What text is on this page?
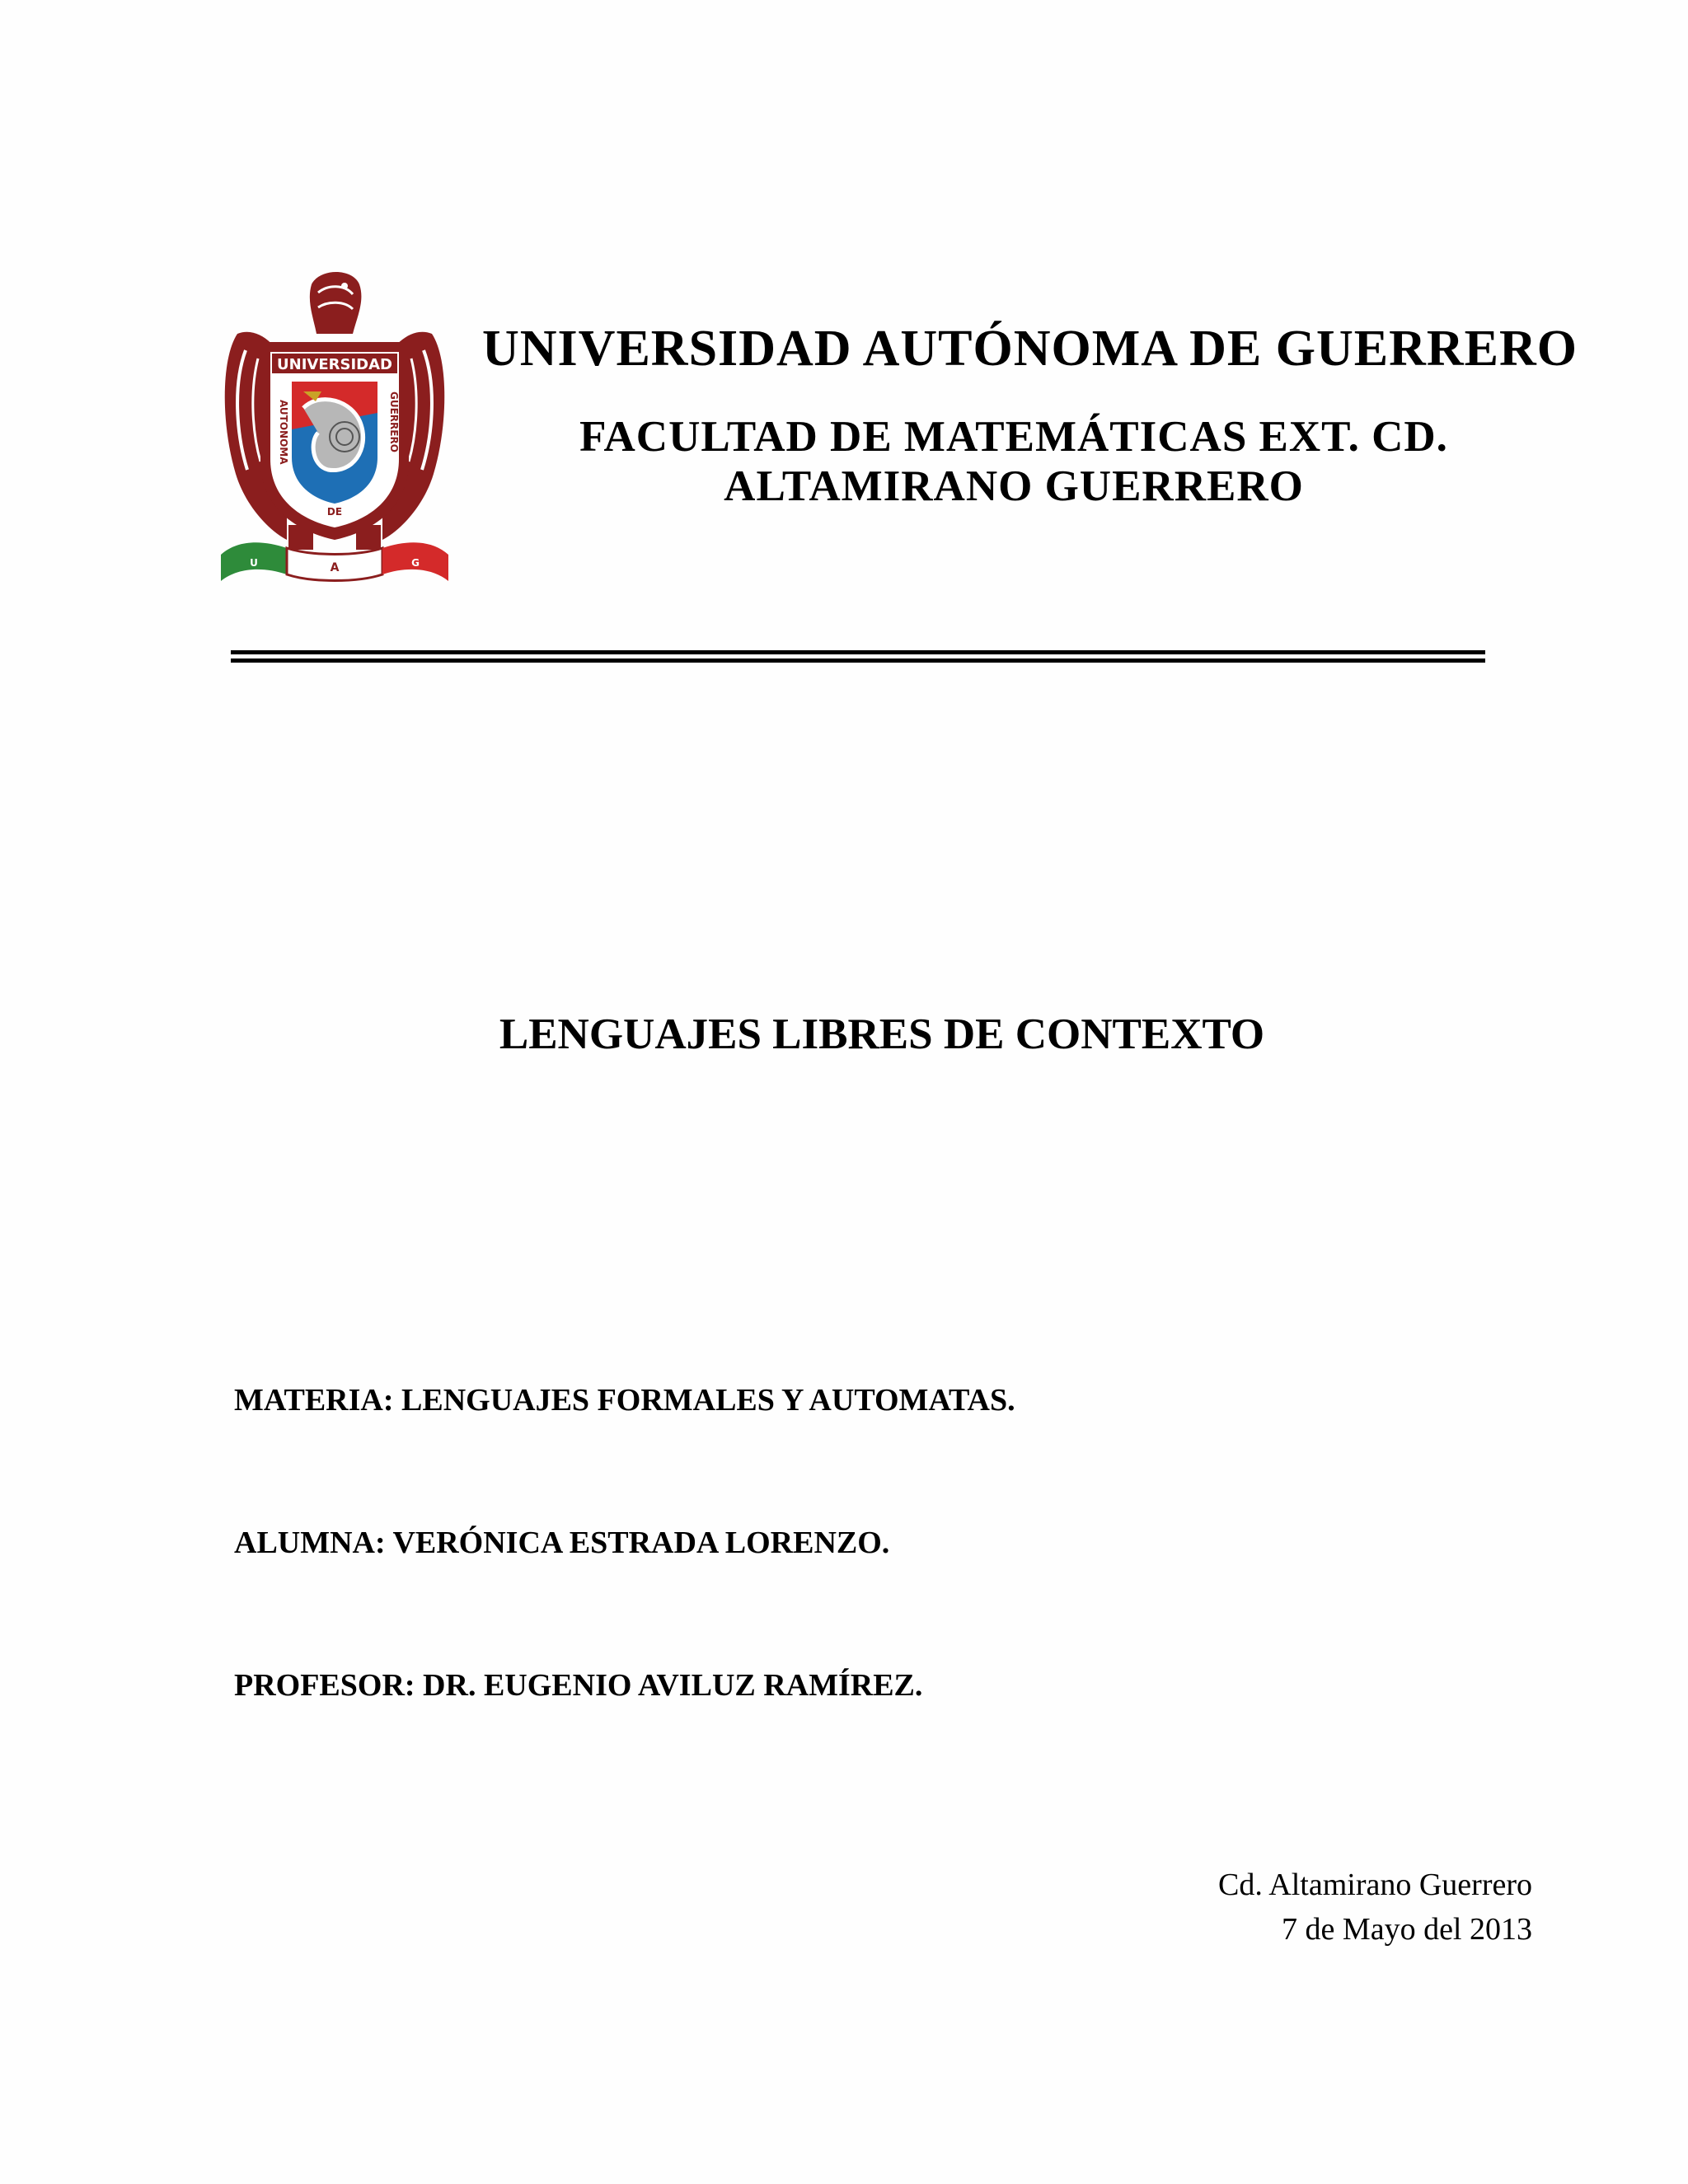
UNIVERSIDAD
AUTONOMA	GUERRERO
DE
U	A	G
UNIVERSIDAD AUTÓNOMA DE GUERRERO
FACULTAD DE MATEMÁTICAS EXT. CD.
ALTAMIRANO GUERRERO
LENGUAJES LIBRES DE CONTEXTO
MATERIA: LENGUAJES FORMALES Y AUTOMATAS.
ALUMNA: VERÓNICA ESTRADA LORENZO.
PROFESOR: DR. EUGENIO AVILUZ RAMÍREZ.
Cd. Altamirano Guerrero
7 de Mayo del 2013
